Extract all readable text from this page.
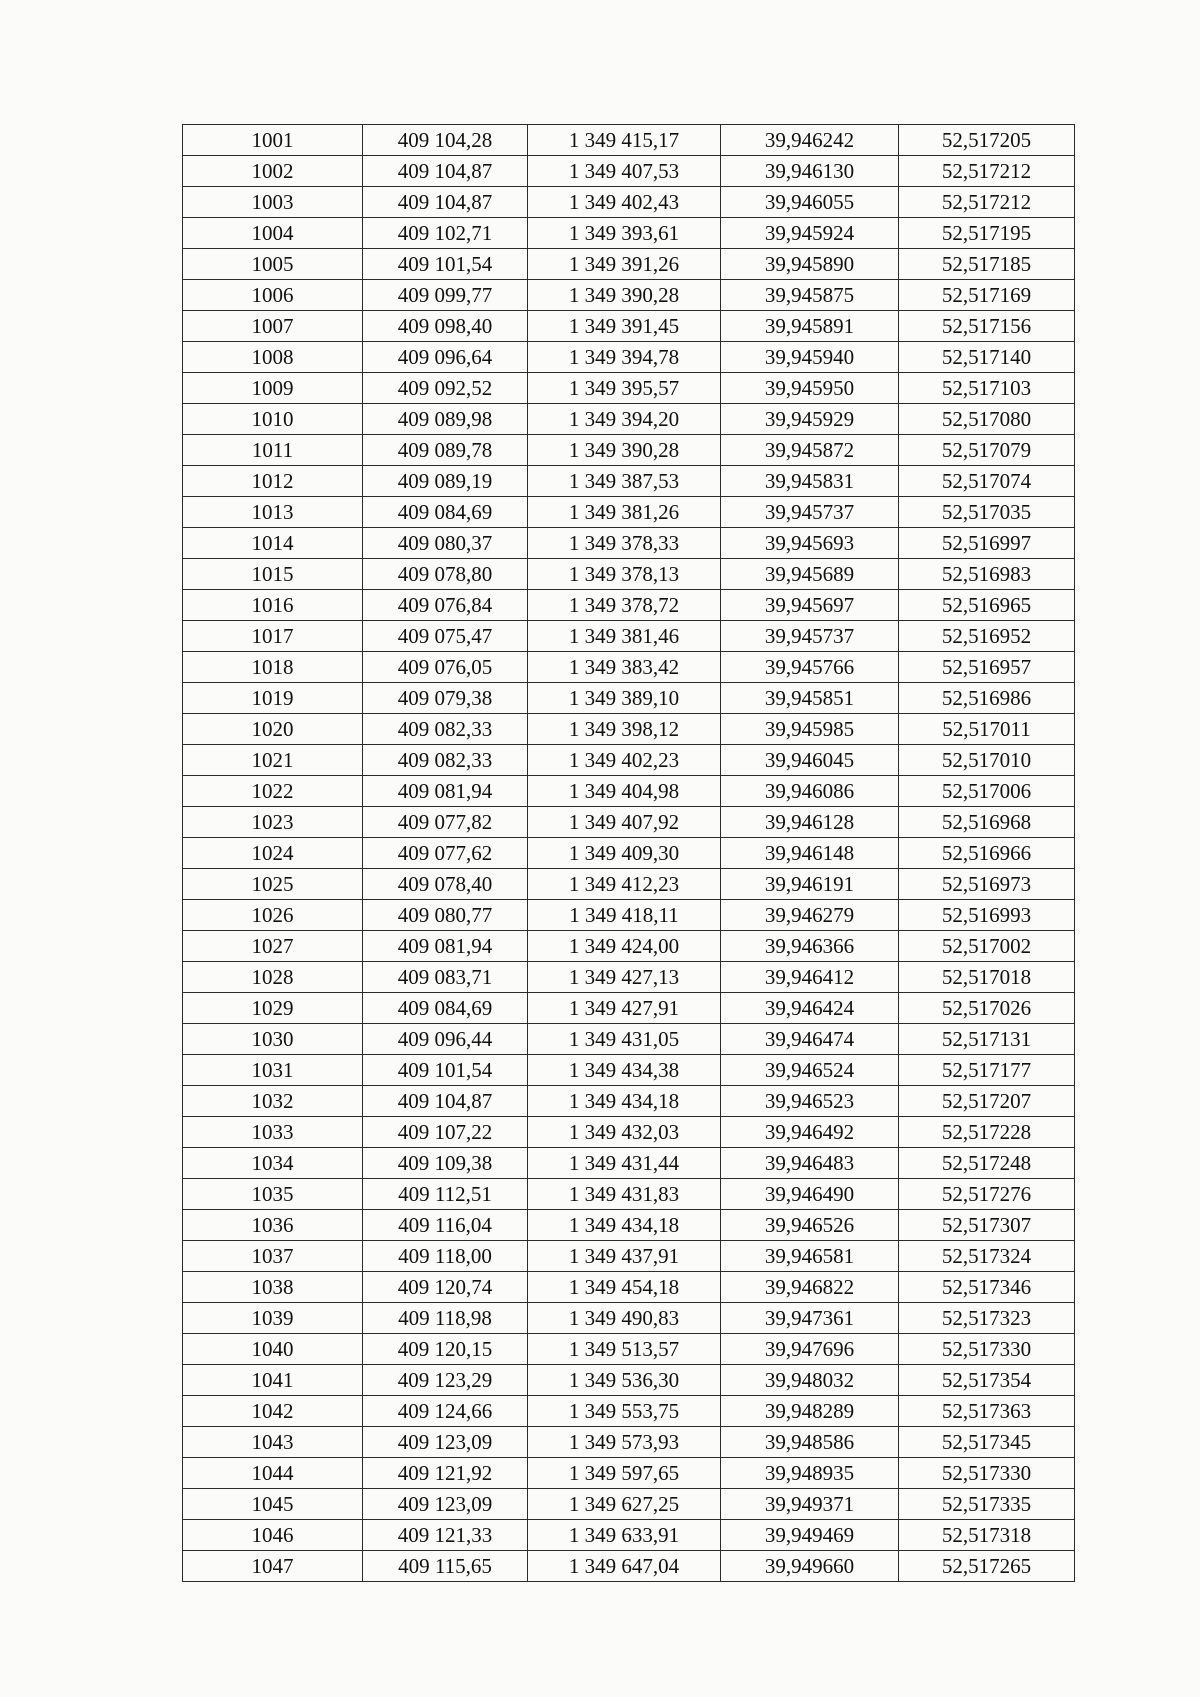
1001	409 104,28	1 349 415,17	39,946242	52,517205
1002	409 104,87	1 349 407,53	39,946130	52,517212
1003	409 104,87	1 349 402,43	39,946055	52,517212
1004	409 102,71	1 349 393,61	39,945924	52,517195
1005	409 101,54	1 349 391,26	39,945890	52,517185
1006	409 099,77	1 349 390,28	39,945875	52,517169
1007	409 098,40	1 349 391,45	39,945891	52,517156
1008	409 096,64	1 349 394,78	39,945940	52,517140
1009	409 092,52	1 349 395,57	39,945950	52,517103
1010	409 089,98	1 349 394,20	39,945929	52,517080
1011	409 089,78	1 349 390,28	39,945872	52,517079
1012	409 089,19	1 349 387,53	39,945831	52,517074
1013	409 084,69	1 349 381,26	39,945737	52,517035
1014	409 080,37	1 349 378,33	39,945693	52,516997
1015	409 078,80	1 349 378,13	39,945689	52,516983
1016	409 076,84	1 349 378,72	39,945697	52,516965
1017	409 075,47	1 349 381,46	39,945737	52,516952
1018	409 076,05	1 349 383,42	39,945766	52,516957
1019	409 079,38	1 349 389,10	39,945851	52,516986
1020	409 082,33	1 349 398,12	39,945985	52,517011
1021	409 082,33	1 349 402,23	39,946045	52,517010
1022	409 081,94	1 349 404,98	39,946086	52,517006
1023	409 077,82	1 349 407,92	39,946128	52,516968
1024	409 077,62	1 349 409,30	39,946148	52,516966
1025	409 078,40	1 349 412,23	39,946191	52,516973
1026	409 080,77	1 349 418,11	39,946279	52,516993
1027	409 081,94	1 349 424,00	39,946366	52,517002
1028	409 083,71	1 349 427,13	39,946412	52,517018
1029	409 084,69	1 349 427,91	39,946424	52,517026
1030	409 096,44	1 349 431,05	39,946474	52,517131
1031	409 101,54	1 349 434,38	39,946524	52,517177
1032	409 104,87	1 349 434,18	39,946523	52,517207
1033	409 107,22	1 349 432,03	39,946492	52,517228
1034	409 109,38	1 349 431,44	39,946483	52,517248
1035	409 112,51	1 349 431,83	39,946490	52,517276
1036	409 116,04	1 349 434,18	39,946526	52,517307
1037	409 118,00	1 349 437,91	39,946581	52,517324
1038	409 120,74	1 349 454,18	39,946822	52,517346
1039	409 118,98	1 349 490,83	39,947361	52,517323
1040	409 120,15	1 349 513,57	39,947696	52,517330
1041	409 123,29	1 349 536,30	39,948032	52,517354
1042	409 124,66	1 349 553,75	39,948289	52,517363
1043	409 123,09	1 349 573,93	39,948586	52,517345
1044	409 121,92	1 349 597,65	39,948935	52,517330
1045	409 123,09	1 349 627,25	39,949371	52,517335
1046	409 121,33	1 349 633,91	39,949469	52,517318
1047	409 115,65	1 349 647,04	39,949660	52,517265
